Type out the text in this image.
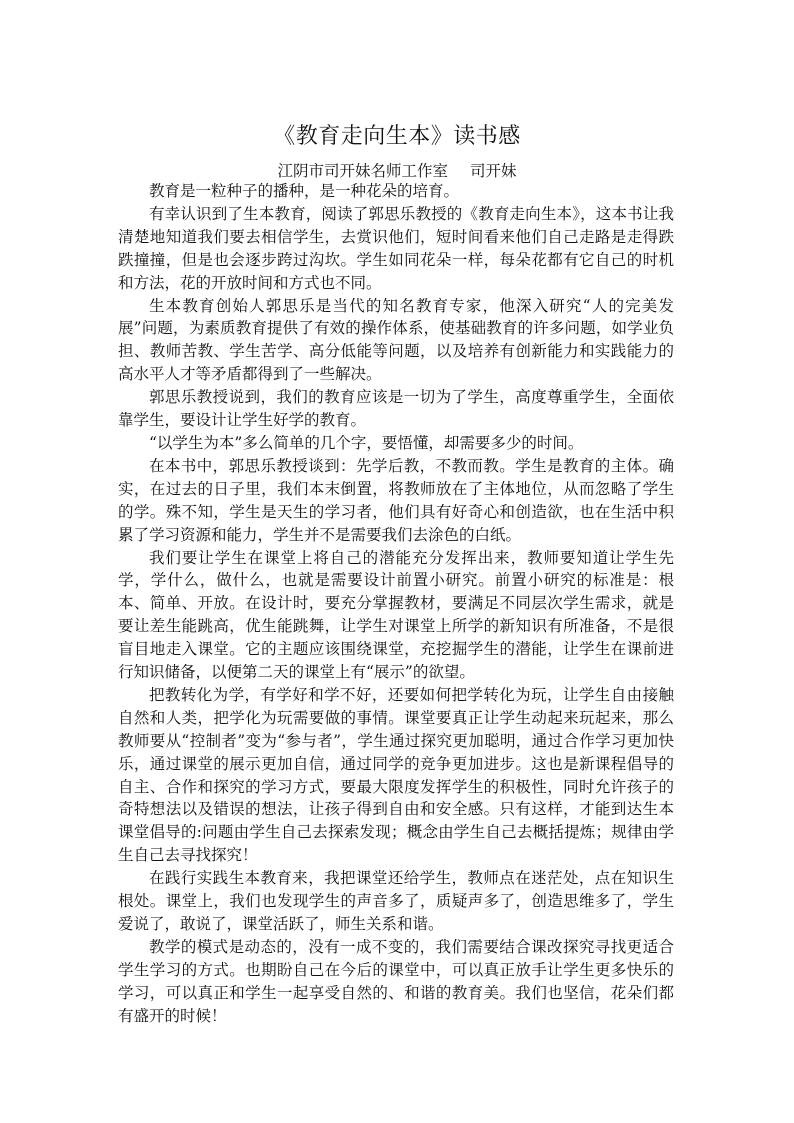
《教育走向生本》读书感
江阴市司开妹名师工作室 司开妹

教育是一粒种子的播种，是一种花朵的培育。

有幸认识到了生本教育，阅读了郭思乐教授的《教育走向生本》，这本书让我清楚地知道我们要去相信学生，去赏识他们，短时间看来他们自己走路是走得跌跌撞撞，但是也会逐步跨过沟坎。学生如同花朵一样，每朵花都有它自己的时机和方法，花的开放时间和方式也不同。

生本教育创始人郭思乐是当代的知名教育专家，他深入研究“人的完美发展”问题，为素质教育提供了有效的操作体系，使基础教育的许多问题，如学业负担、教师苦教、学生苦学、高分低能等问题，以及培养有创新能力和实践能力的高水平人才等矛盾都得到了一些解决。

郭思乐教授说到，我们的教育应该是一切为了学生，高度尊重学生，全面依靠学生，要设计让学生好学的教育。

“以学生为本”多么简单的几个字，要悟懂，却需要多少的时间。

在本书中，郭思乐教授谈到：先学后教，不教而教。学生是教育的主体。确实，在过去的日子里，我们本末倒置，将教师放在了主体地位，从而忽略了学生的学。殊不知，学生是天生的学习者，他们具有好奇心和创造欲，也在生活中积累了学习资源和能力，学生并不是需要我们去涂色的白纸。

我们要让学生在课堂上将自己的潜能充分发挥出来，教师要知道让学生先学，学什么，做什么，也就是需要设计前置小研究。前置小研究的标准是：根本、简单、开放。在设计时，要充分掌握教材，要满足不同层次学生需求，就是要让差生能跳高，优生能跳舞，让学生对课堂上所学的新知识有所准备，不是很盲目地走入课堂。它的主题应该围绕课堂，充挖掘学生的潜能，让学生在课前进行知识储备，以便第二天的课堂上有“展示”的欲望。

把教转化为学，有学好和学不好，还要如何把学转化为玩，让学生自由接触自然和人类，把学化为玩需要做的事情。课堂要真正让学生动起来玩起来，那么教师要从“控制者”变为“参与者”，学生通过探究更加聪明，通过合作学习更加快乐，通过课堂的展示更加自信，通过同学的竞争更加进步。这也是新课程倡导的自主、合作和探究的学习方式，要最大限度发挥学生的积极性，同时允许孩子的奇特想法以及错误的想法，让孩子得到自由和安全感。只有这样，才能到达生本课堂倡导的:问题由学生自己去探索发现；概念由学生自己去概括提炼；规律由学生自己去寻找探究！

在践行实践生本教育来，我把课堂还给学生，教师点在迷茫处，点在知识生根处。课堂上，我们也发现学生的声音多了，质疑声多了，创造思维多了，学生爱说了，敢说了，课堂活跃了，师生关系和谐。

教学的模式是动态的，没有一成不变的，我们需要结合课改探究寻找更适合学生学习的方式。也期盼自己在今后的课堂中，可以真正放手让学生更多快乐的学习，可以真正和学生一起享受自然的、和谐的教育美。我们也坚信，花朵们都有盛开的时候！
